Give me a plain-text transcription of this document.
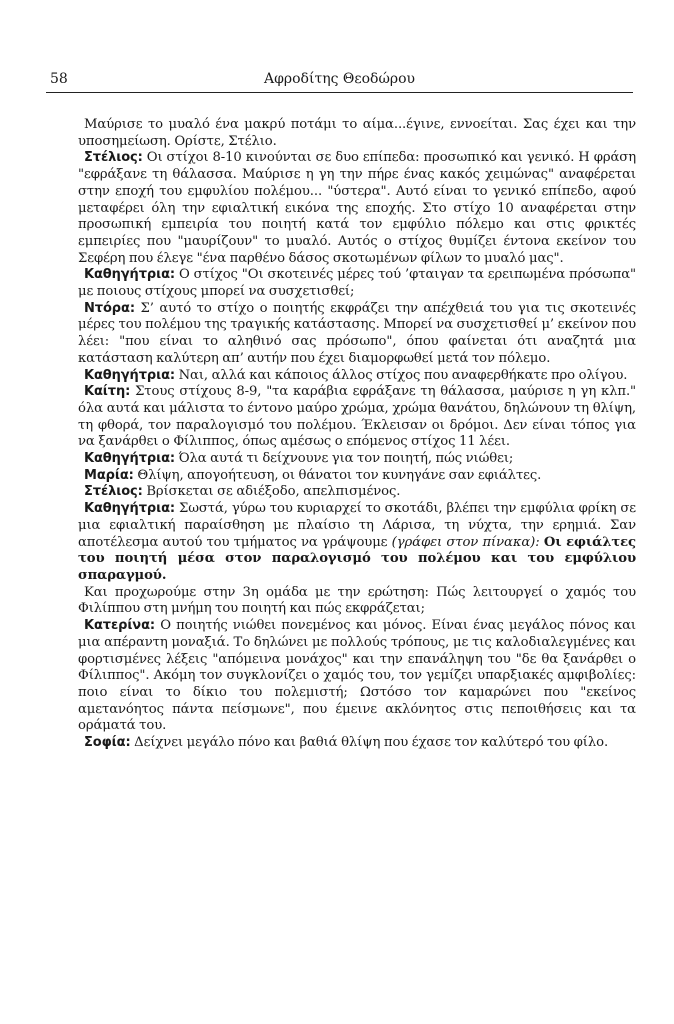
58	Αφροδίτης Θεοδώρου

Μαύρισε το μυαλό ένα μακρύ ποτάμι το αίμα...έγινε, εννοείται. Σας έχει και την υποσημείωση. Ορίστε, Στέλιο.

Στέλιος: Οι στίχοι 8-10 κινούνται σε δυο επίπεδα: προσωπικό και γενικό. Η φράση "εφράξανε τη θάλασσα. Μαύρισε η γη την πήρε ένας κακός χειμώνας" αναφέρεται στην εποχή του εμφυλίου πολέμου... "ύστερα". Αυτό είναι το γενικό επίπεδο, αφού μεταφέρει όλη την εφιαλτική εικόνα της εποχής. Στο στίχο 10 αναφέρεται στην προσωπική εμπειρία του ποιητή κατά τον εμφύλιο πόλεμο και στις φρικτές εμπειρίες που "μαυρίζουν" το μυαλό. Αυτός ο στίχος θυμίζει έντονα εκείνον του Σεφέρη που έλεγε "ένα παρθένο δάσος σκοτωμένων φίλων το μυαλό μας".

Καθηγήτρια: Ο στίχος "Οι σκοτεινές μέρες τού ’φταιγαν τα ερειπωμένα πρόσωπα" με ποιους στίχους μπορεί να συσχετισθεί;

Ντόρα: Σ’ αυτό το στίχο ο ποιητής εκφράζει την απέχθειά του για τις σκοτεινές μέρες του πολέμου της τραγικής κατάστασης. Μπορεί να συσχετισθεί μ’ εκείνον που λέει: "που είναι το αληθινό σας πρόσωπο", όπου φαίνεται ότι αναζητά μια κατάσταση καλύτερη απ’ αυτήν που έχει διαμορφωθεί μετά τον πόλεμο.

Καθηγήτρια: Ναι, αλλά και κάποιος άλλος στίχος που αναφερθήκατε προ ολίγου.

Καίτη: Στους στίχους 8-9, "τα καράβια εφράξανε τη θάλασσα, μαύρισε η γη κλπ." όλα αυτά και μάλιστα το έντονο μαύρο χρώμα, χρώμα θανάτου, δηλώνουν τη θλίψη, τη φθορά, τον παραλογισμό του πολέμου. Έκλεισαν οι δρόμοι. Δεν είναι τόπος για να ξανάρθει ο Φίλιππος, όπως αμέσως ο επόμενος στίχος 11 λέει.

Καθηγήτρια: Όλα αυτά τι δείχνουνε για τον ποιητή, πώς νιώθει;

Μαρία: Θλίψη, απογοήτευση, οι θάνατοι τον κυνηγάνε σαν εφιάλτες.

Στέλιος: Βρίσκεται σε αδιέξοδο, απελπισμένος.

Καθηγήτρια: Σωστά, γύρω του κυριαρχεί το σκοτάδι, βλέπει την εμφύλια φρίκη σε μια εφιαλτική παραίσθηση με πλαίσιο τη Λάρισα, τη νύχτα, την ερημιά. Σαν αποτέλεσμα αυτού του τμήματος να γράψουμε (γράφει στον πίνακα): Οι εφιάλτες του ποιητή μέσα στον παραλογισμό του πολέμου και του εμφύλιου σπαραγμού.

Και προχωρούμε στην 3η ομάδα με την ερώτηση: Πώς λειτουργεί ο χαμός του Φιλίππου στη μνήμη του ποιητή και πώς εκφράζεται;

Κατερίνα: Ο ποιητής νιώθει πονεμένος και μόνος. Είναι ένας μεγάλος πόνος και μια απέραντη μοναξιά. Το δηλώνει με πολλούς τρόπους, με τις καλοδιαλεγμένες και φορτισμένες λέξεις "απόμεινα μονάχος" και την επανάληψη του "δε θα ξανάρθει ο Φίλιππος". Ακόμη τον συγκλονίζει ο χαμός του, τον γεμίζει υπαρξιακές αμφιβολίες: ποιο είναι το δίκιο του πολεμιστή; Ωστόσο τον καμαρώνει που "εκείνος αμετανόητος πάντα πείσμωνε", που έμεινε ακλόνητος στις πεποιθήσεις και τα οράματά του.

Σοφία: Δείχνει μεγάλο πόνο και βαθιά θλίψη που έχασε τον καλύτερό του φίλο.
